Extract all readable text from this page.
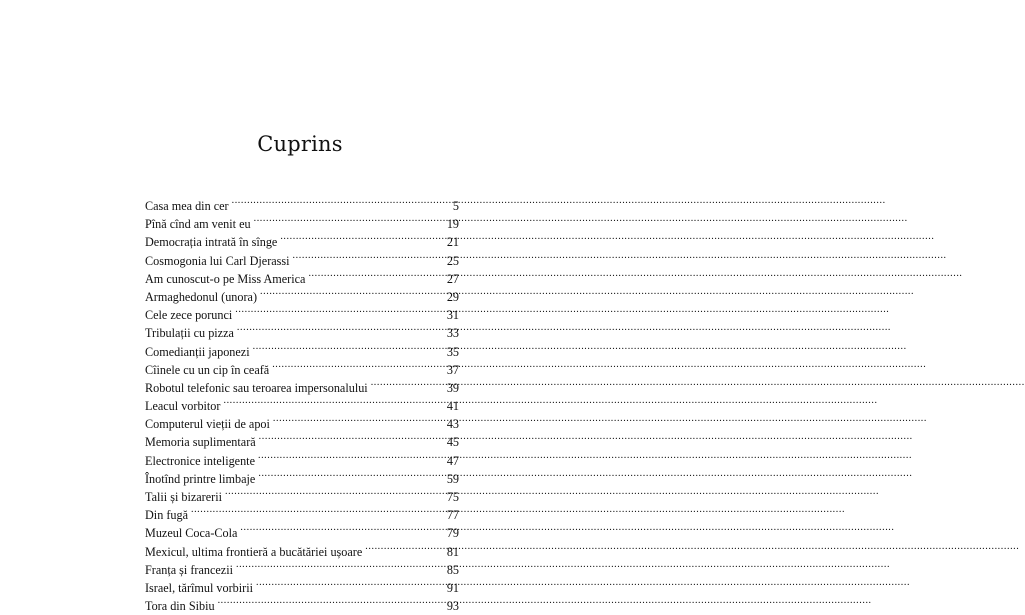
Cuprins
Casa mea din cer .....	5
Pînă cînd am venit eu .....	19
Democrația intrată în sînge .....	21
Cosmogonia lui Carl Djerassi .....	25
Am cunoscut-o pe Miss America .....	27
Armaghedonul (unora) .....	29
Cele zece porunci .....	31
Tribulații cu pizza .....	33
Comedianții japonezi .....	35
Cîinele cu un cip în ceafă .....	37
Robotul telefonic sau teroarea impersonalului .....	39
Leacul vorbitor .....	41
Computerul vieții de apoi .....	43
Memoria suplimentară .....	45
Electronice inteligente .....	47
Înotînd printre limbaje .....	59
Talii și bizarerii .....	75
Din fugă .....	77
Muzeul Coca-Cola .....	79
Mexicul, ultima frontieră a bucătăriei ușoare .....	81
Franța și francezii .....	85
Israel, tărîmul vorbirii .....	91
Tora din Sibiu .....	93
